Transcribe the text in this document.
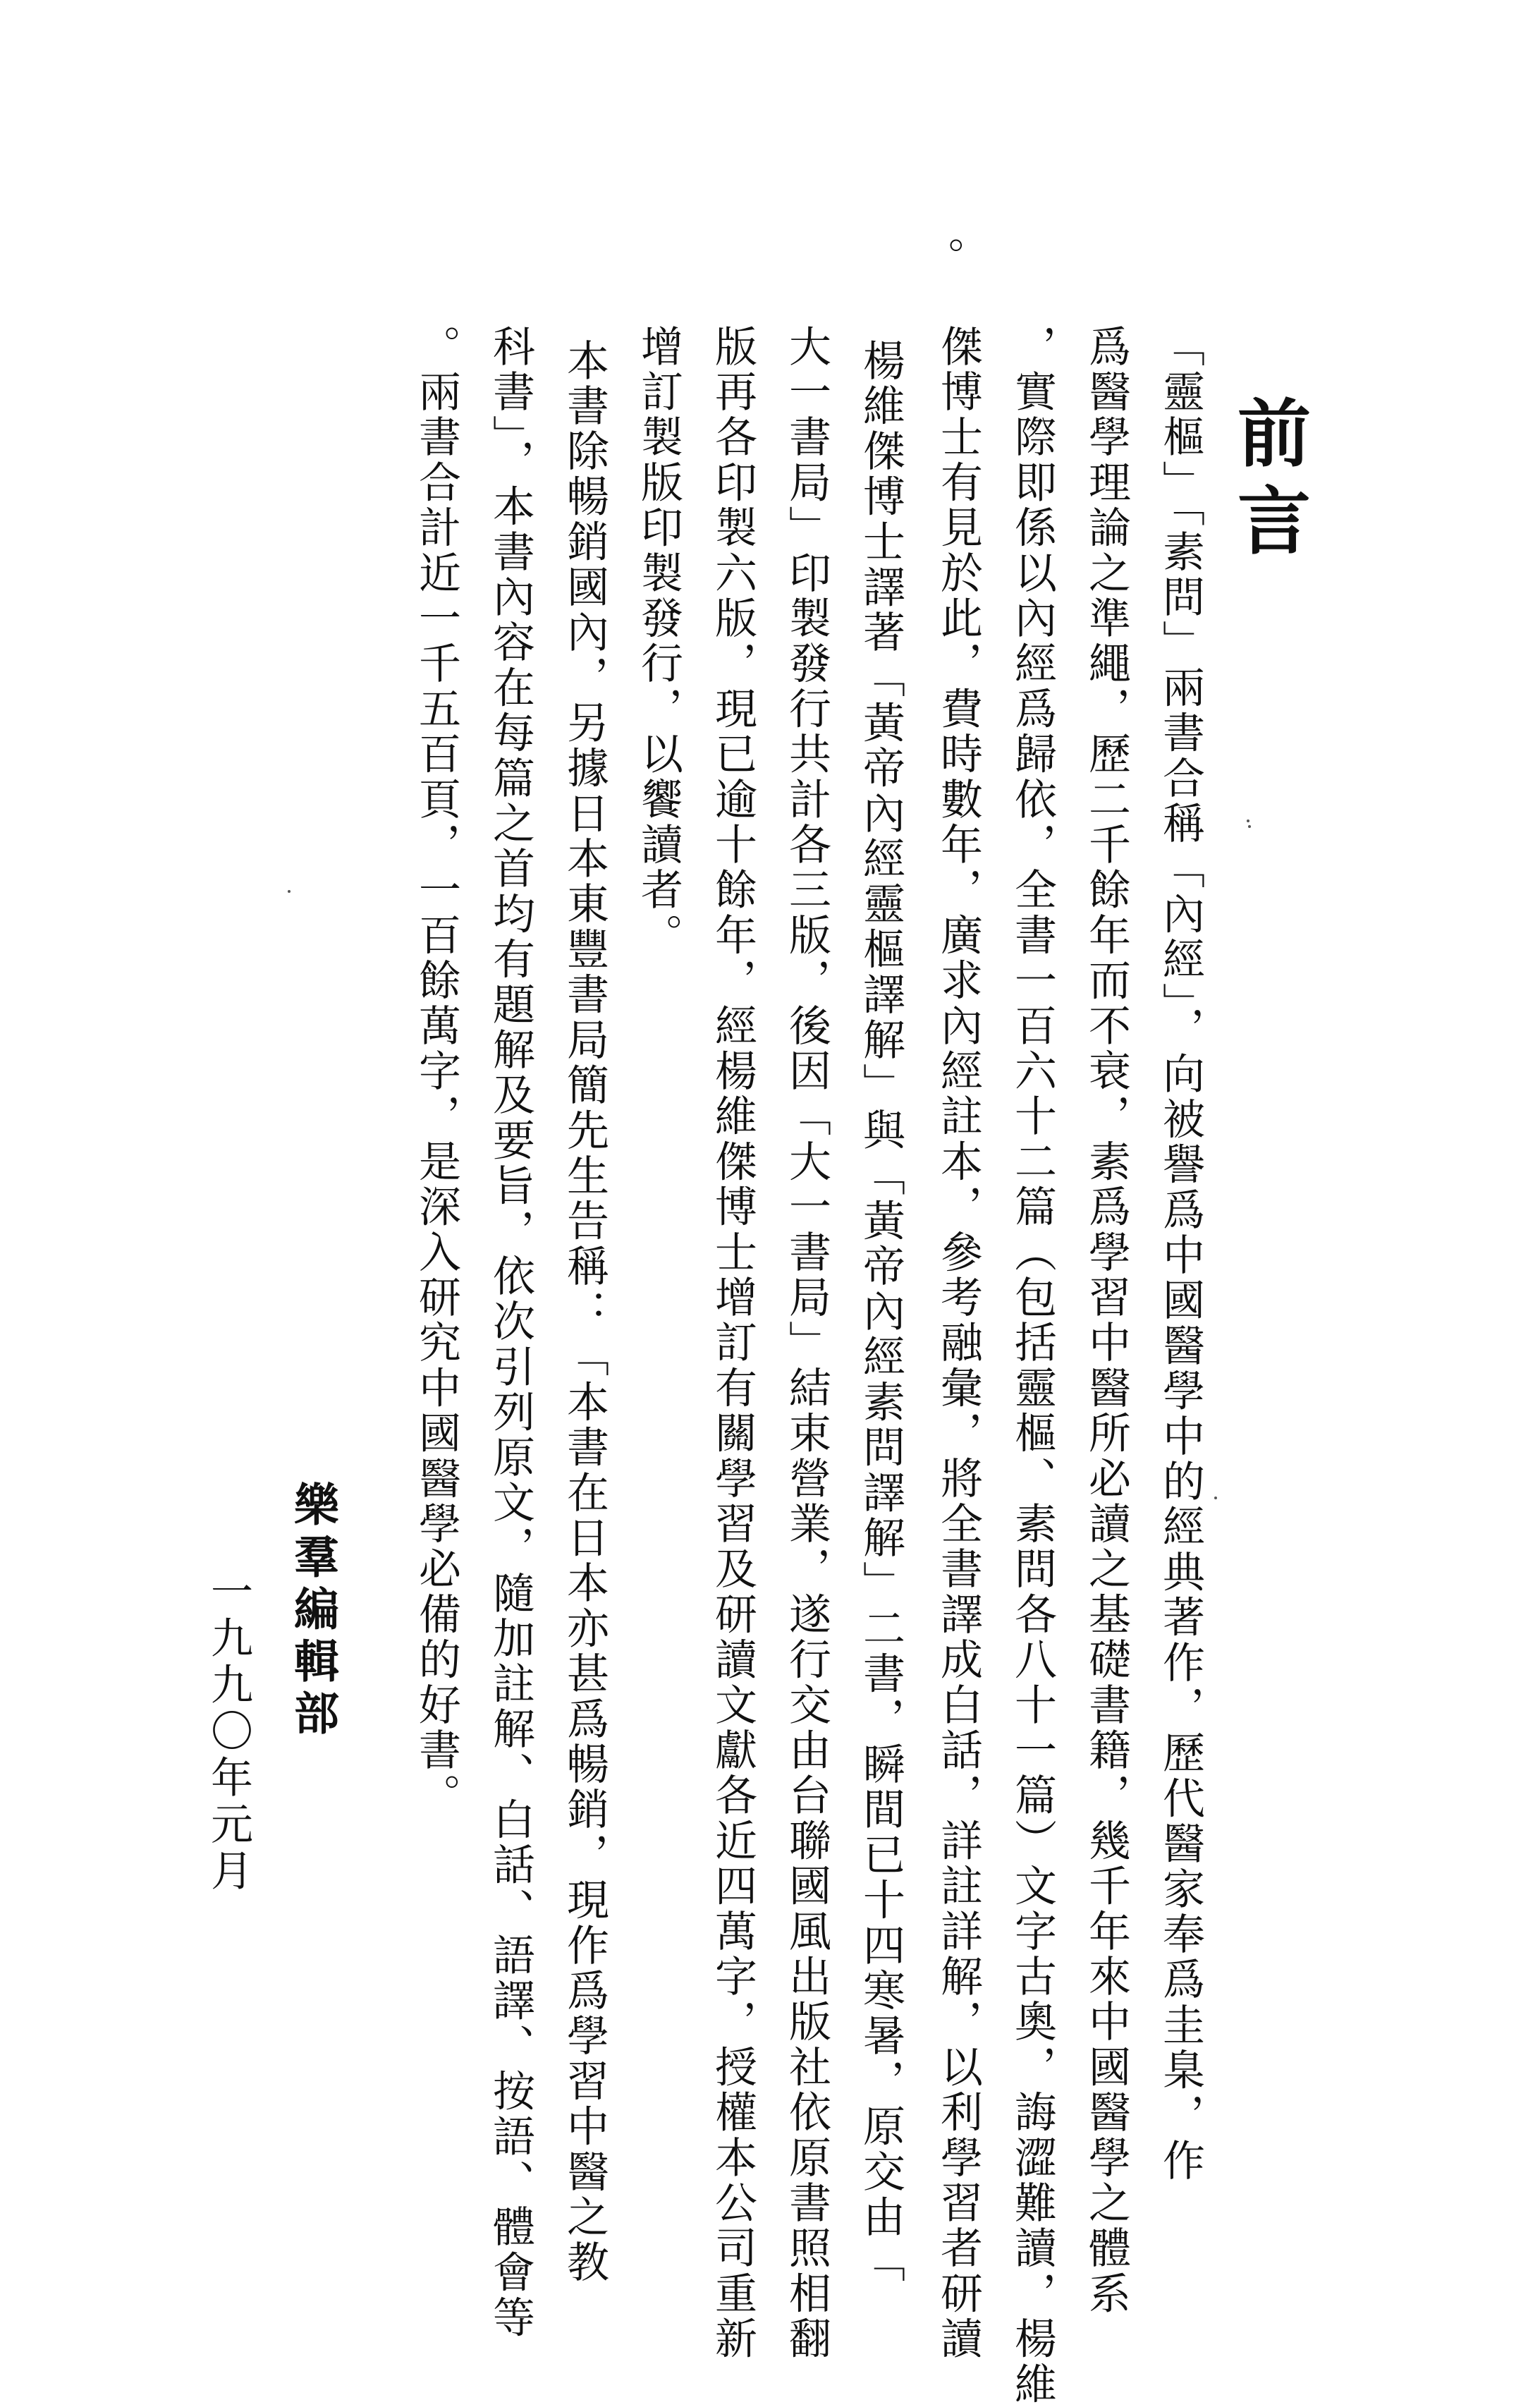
前言
「靈樞」「素問」兩書合稱「內經」，向被譽爲中國醫學中的經典著作，歷代醫家奉爲圭臬，作
爲醫學理論之準繩，歷二千餘年而不衰，素爲學習中醫所必讀之基礎書籍，幾千年來中國醫學之體系
，實際即係以內經爲歸依，全書一百六十二篇（包括靈樞、素問各八十一篇）文字古奧，誨澀難讀，楊維
傑博士有見於此，費時數年，廣求內經註本，參考融彙，將全書譯成白話，詳註詳解，以利學習者研讀
。
楊維傑博士譯著「黃帝內經靈樞譯解」與「黃帝內經素問譯解」二書，瞬間已十四寒暑，原交由「
大一書局」印製發行共計各三版，後因「大一書局」結束營業，遂行交由台聯國風出版社依原書照相翻
版再各印製六版，現已逾十餘年，經楊維傑博士增訂有關學習及研讀文獻各近四萬字，授權本公司重新
增訂製版印製發行，以饗讀者。
本書除暢銷國內，另據日本東豐書局簡先生告稱：「本書在日本亦甚爲暢銷，現作爲學習中醫之教
科書」，本書內容在每篇之首均有題解及要旨，依次引列原文，隨加註解、白話、語譯、按語、體會等
。兩書合計近一千五百頁，一百餘萬字，是深入研究中國醫學必備的好書。
樂羣編輯部
一九九〇年元月
